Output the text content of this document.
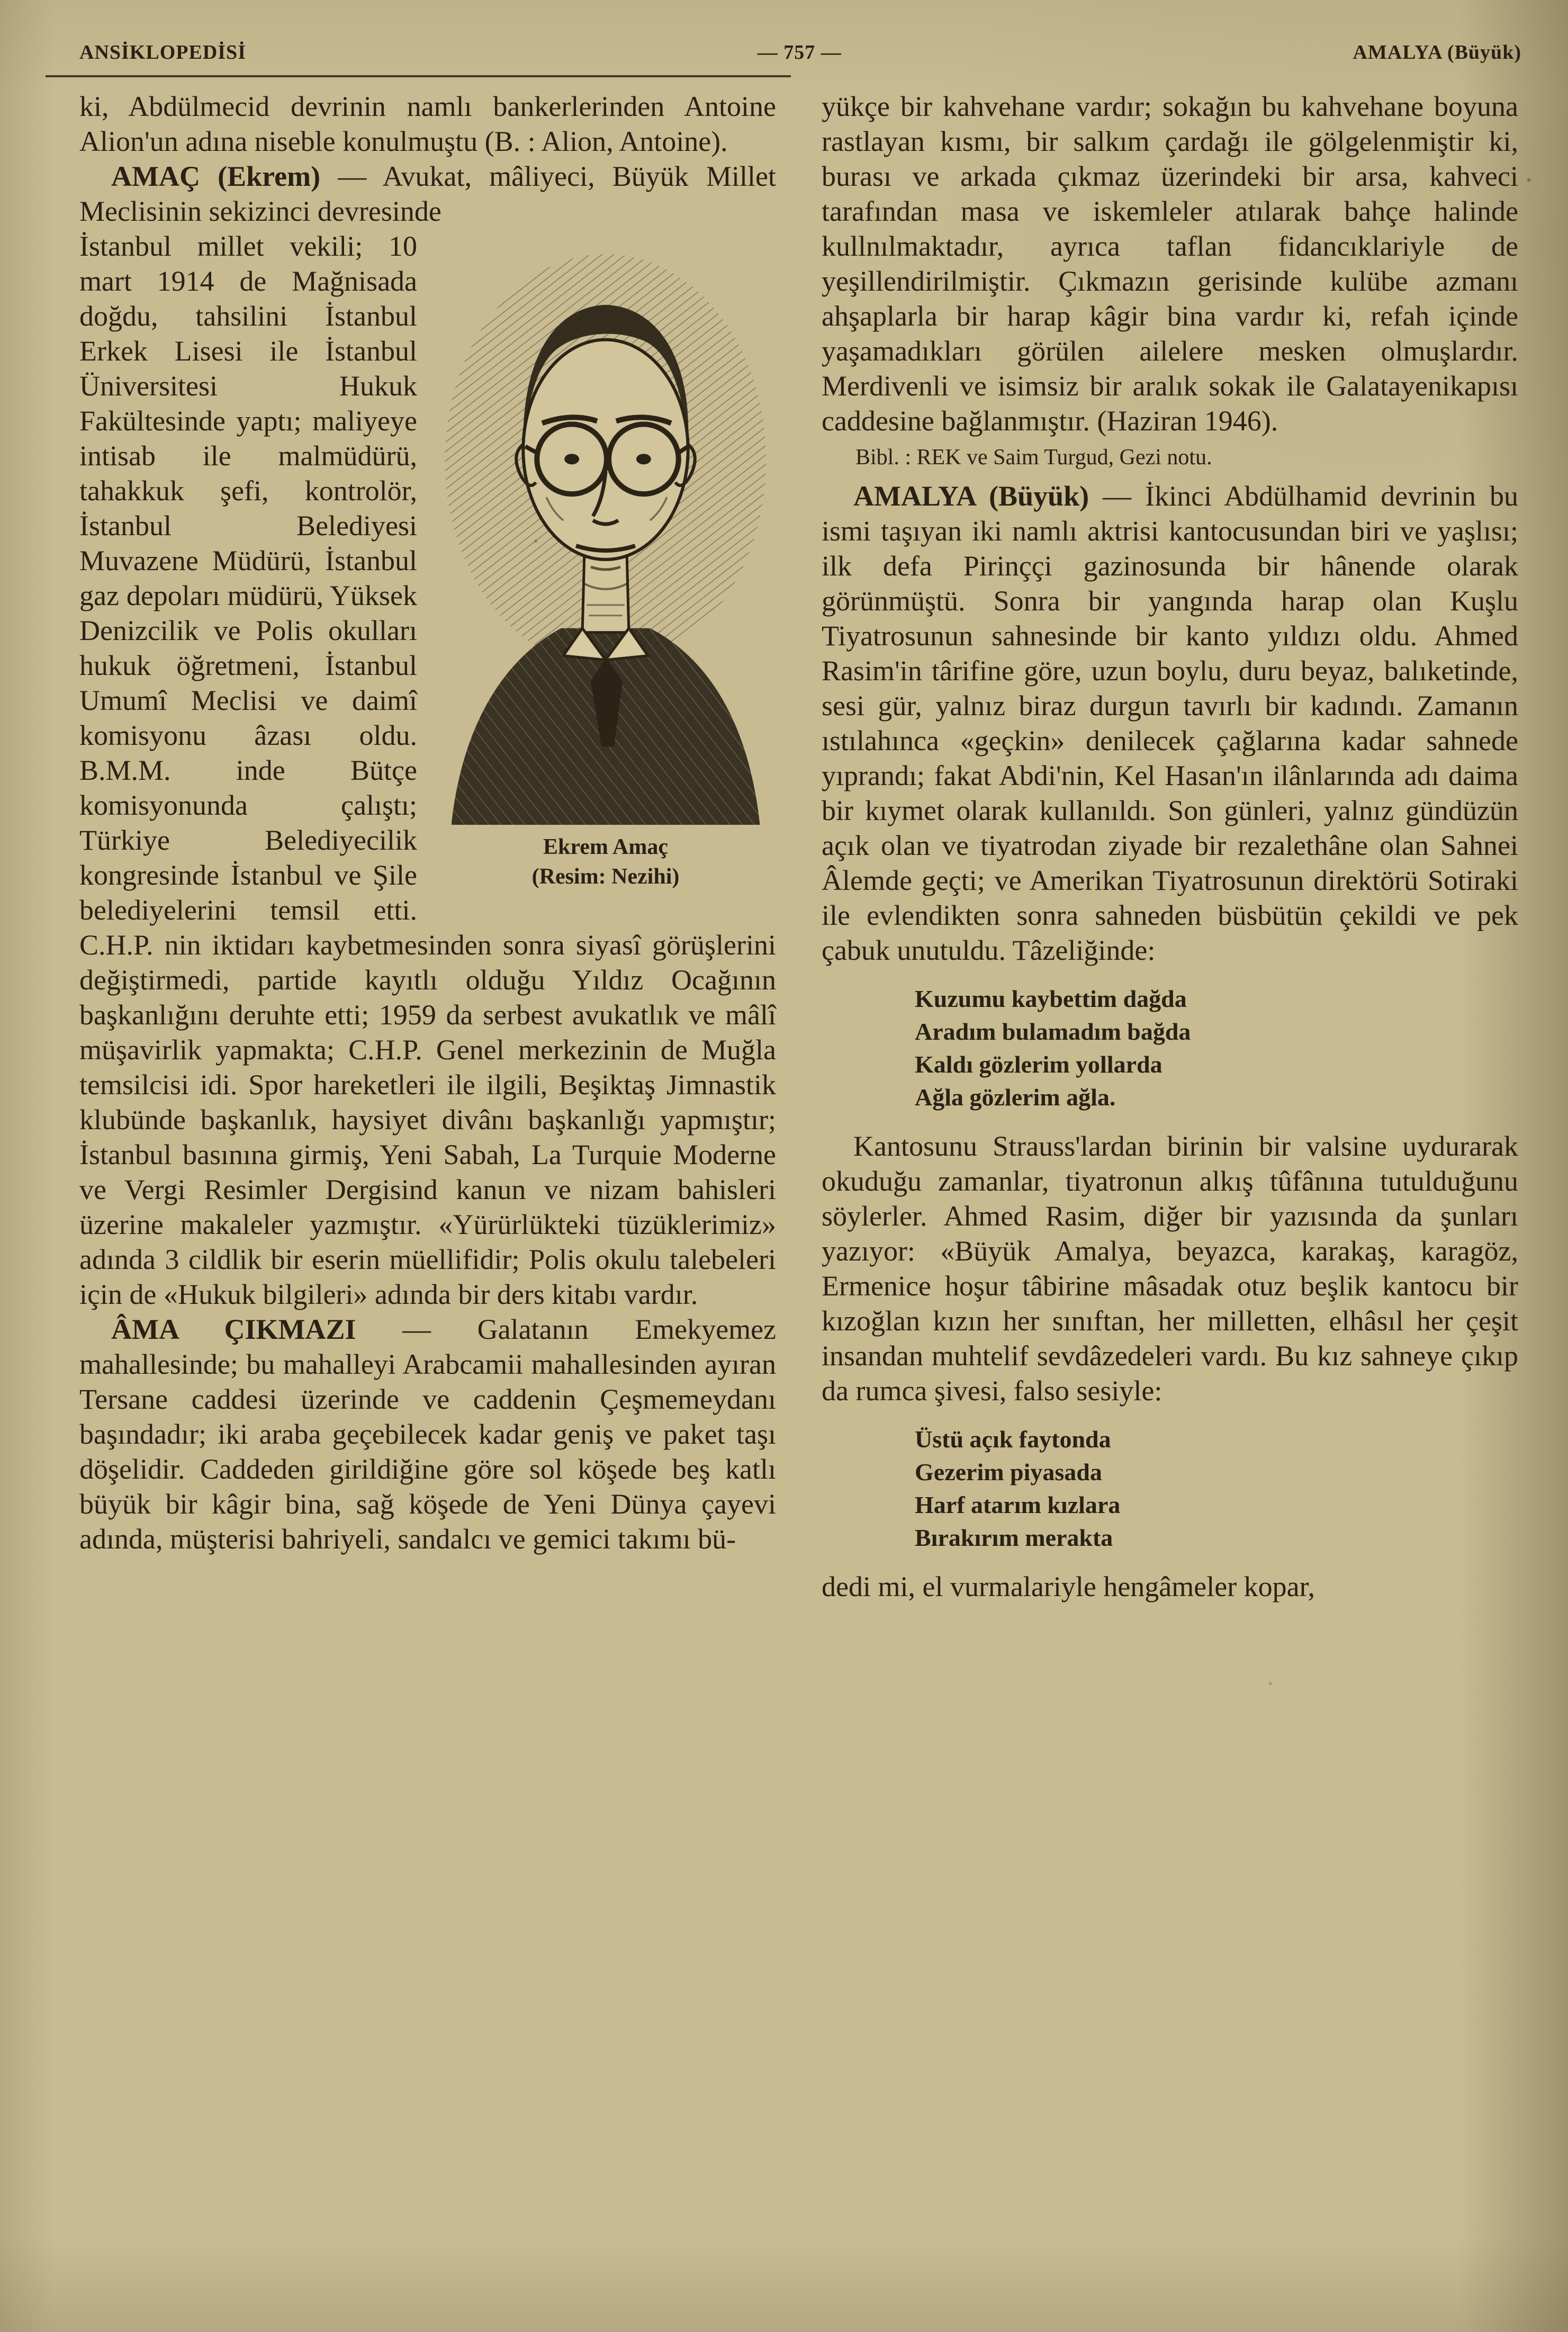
ANSİKLOPEDİSİ	— 757 —	AMALYA (Büyük)

ki, Abdülmecid devrinin namlı bankerlerinden Antoine Alion'un adına niseble konulmuştu (B. : Alion, Antoine).

AMAÇ (Ekrem) — Avukat, mâliyeci, Büyük Millet Meclisinin sekizinci devresinde

Ekrem Amaç
(Resim: Nezihi)
İstanbul millet vekili; 10 mart 1914 de Mağnisada doğdu, tahsilini İstanbul Erkek Lisesi ile İstanbul Üniversitesi Hukuk Fakültesinde yaptı; maliyeye intisab ile malmüdürü, tahakkuk şefi, kontrolör, İstanbul Belediyesi Muvazene Müdürü, İstanbul gaz depoları müdürü, Yüksek Denizcilik ve Polis okulları hukuk öğretmeni, İstanbul Umumî Meclisi ve daimî komisyonu âzası oldu. B.M.M. inde Bütçe komisyonunda çalıştı; Türkiye Belediyecilik kongresinde İstanbul ve Şile belediyelerini temsil etti. C.H.P. nin iktidarı kaybetmesinden sonra siyasî görüşlerini değiştirmedi, partide kayıtlı olduğu Yıldız Ocağının başkanlığını deruhte etti; 1959 da serbest avukatlık ve mâlî müşavirlik yapmakta; C.H.P. Genel merkezinin de Muğla temsilcisi idi. Spor hareketleri ile ilgili, Beşiktaş Jimnastik klubünde başkanlık, haysiyet divânı başkanlığı yapmıştır; İstanbul basınına girmiş, Yeni Sabah, La Turquie Moderne ve Vergi Resimler Dergisind kanun ve nizam bahisleri üzerine makaleler yazmıştır. «Yürürlükteki tüzüklerimiz» adında 3 cildlik bir eserin müellifidir; Polis okulu talebeleri için de «Hukuk bilgileri» adında bir ders kitabı vardır.

ÂMA ÇIKMAZI — Galatanın Emekyemez mahallesinde; bu mahalleyi Arabcamii mahallesinden ayıran Tersane caddesi üzerinde ve caddenin Çeşmemeydanı başındadır; iki araba geçebilecek kadar geniş ve paket taşı döşelidir. Caddeden girildiğine göre sol köşede beş katlı büyük bir kâgir bina, sağ köşede de Yeni Dünya çayevi adında, müşterisi bahriyeli, sandalcı ve gemici takımı bü-

yükçe bir kahvehane vardır; sokağın bu kahvehane boyuna rastlayan kısmı, bir salkım çardağı ile gölgelenmiştir ki, burası ve arkada çıkmaz üzerindeki bir arsa, kahveci tarafından masa ve iskemleler atılarak bahçe halinde kullnılmaktadır, ayrıca taflan fidancıklariyle de yeşillendirilmiştir. Çıkmazın gerisinde kulübe azmanı ahşaplarla bir harap kâgir bina vardır ki, refah içinde yaşamadıkları görülen ailelere mesken olmuşlardır. Merdivenli ve isimsiz bir aralık sokak ile Galatayenikapısı caddesine bağlanmıştır. (Haziran 1946).

Bibl. : REK ve Saim Turgud, Gezi notu.

AMALYA (Büyük) — İkinci Abdülhamid devrinin bu ismi taşıyan iki namlı aktrisi kantocusundan biri ve yaşlısı; ilk defa Pirinççi gazinosunda bir hânende olarak görünmüştü. Sonra bir yangında harap olan Kuşlu Tiyatrosunun sahnesinde bir kanto yıldızı oldu. Ahmed Rasim'in târifine göre, uzun boylu, duru beyaz, balıketinde, sesi gür, yalnız biraz durgun tavırlı bir kadındı. Zamanın ıstılahınca «geçkin» denilecek çağlarına kadar sahnede yıprandı; fakat Abdi'nin, Kel Hasan'ın ilânlarında adı daima bir kıymet olarak kullanıldı. Son günleri, yalnız gündüzün açık olan ve tiyatrodan ziyade bir rezalethâne olan Sahnei Âlemde geçti; ve Amerikan Tiyatrosunun direktörü Sotiraki ile evlendikten sonra sahneden büsbütün çekildi ve pek çabuk unutuldu. Tâzeliğinde:

Kuzumu kaybettim dağda
Aradım bulamadım bağda
Kaldı gözlerim yollarda
Ağla gözlerim ağla.

Kantosunu Strauss'lardan birinin bir valsine uydurarak okuduğu zamanlar, tiyatronun alkış tûfânına tutulduğunu söylerler. Ahmed Rasim, diğer bir yazısında da şunları yazıyor: «Büyük Amalya, beyazca, karakaş, karagöz, Ermenice hoşur tâbirine mâsadak otuz beşlik kantocu bir kızoğlan kızın her sınıftan, her milletten, elhâsıl her çeşit insandan muhtelif sevdâzedeleri vardı. Bu kız sahneye çıkıp da rumca şivesi, falso sesiyle:

Üstü açık faytonda
Gezerim piyasada
Harf atarım kızlara
Bırakırım merakta

dedi mi, el vurmalariyle hengâmeler kopar,
